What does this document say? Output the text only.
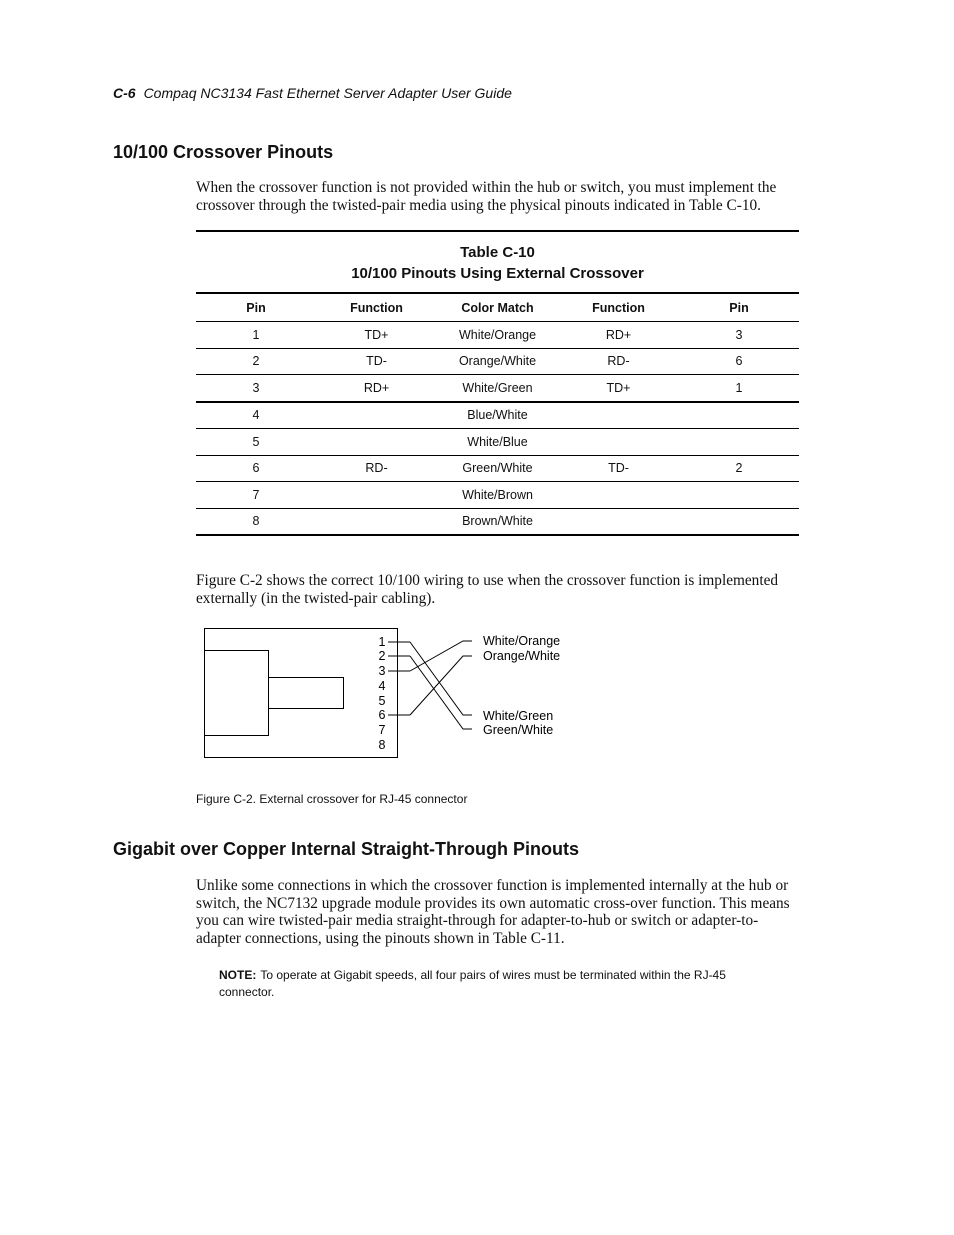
C-6 Compaq NC3134 Fast Ethernet Server Adapter User Guide
10/100 Crossover Pinouts

When the crossover function is not provided within the hub or switch, you must implement the crossover through the twisted-pair media using the physical pinouts indicated in Table C-10.

Table C-10
10/100 Pinouts Using External Crossover
Pin	Function	Color Match	Function	Pin
1	TD+	White/Orange	RD+	3
2	TD-	Orange/White	RD-	6
3	RD+	White/Green	TD+	1
4		Blue/White		
5		White/Blue		
6	RD-	Green/White	TD-	2
7		White/Brown		
8		Brown/White		

Figure C-2 shows the correct 10/100 wiring to use when the crossover function is implemented externally (in the twisted-pair cabling).

1
2
3
4
5
6
7
8
White/Orange
Orange/White
White/Green
Green/White
Figure C-2. External crossover for RJ-45 connector
Gigabit over Copper Internal Straight-Through Pinouts

Unlike some connections in which the crossover function is implemented internally at the hub or switch, the NC7132 upgrade module provides its own automatic cross-over function. This means you can wire twisted-pair media straight-through for adapter-to-hub or switch or adapter-to-adapter connections, using the pinouts shown in Table C-11.

NOTE: To operate at Gigabit speeds, all four pairs of wires must be terminated within the RJ-45 connector.
